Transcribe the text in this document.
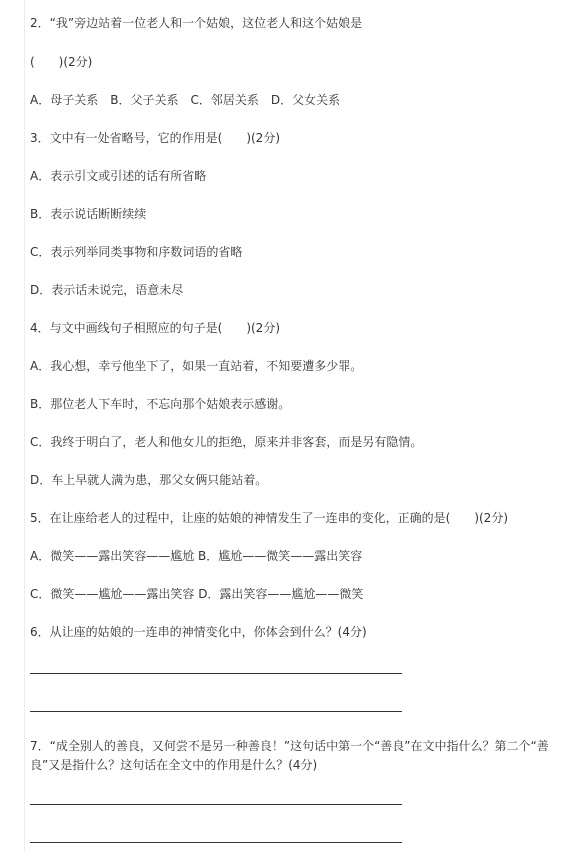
2．“我”旁边站着一位老人和一个姑娘，这位老人和这个姑娘是
(　　)(2分)
A．母子关系　B．父子关系　C．邻居关系　D．父女关系
3．文中有一处省略号，它的作用是(　　)(2分)
A．表示引文或引述的话有所省略
B．表示说话断断续续
C．表示列举同类事物和序数词语的省略
D．表示话未说完，语意未尽
4．与文中画线句子相照应的句子是(　　)(2分)
A．我心想，幸亏他坐下了，如果一直站着，不知要遭多少罪。
B．那位老人下车时，不忘向那个姑娘表示感谢。
C．我终于明白了，老人和他女儿的拒绝，原来并非客套，而是另有隐情。
D．车上早就人满为患，那父女俩只能站着。
5．在让座给老人的过程中，让座的姑娘的神情发生了一连串的变化，正确的是(　　)(2分)
A．微笑——露出笑容——尴尬 B．尴尬——微笑——露出笑容
C．微笑——尴尬——露出笑容 D．露出笑容——尴尬——微笑
6．从让座的姑娘的一连串的神情变化中，你体会到什么？(4分)
7．“成全别人的善良，又何尝不是另一种善良！”这句话中第一个“善良”在文中指什么？第二个“善良”又是指什么？这句话在全文中的作用是什么？(4分)
